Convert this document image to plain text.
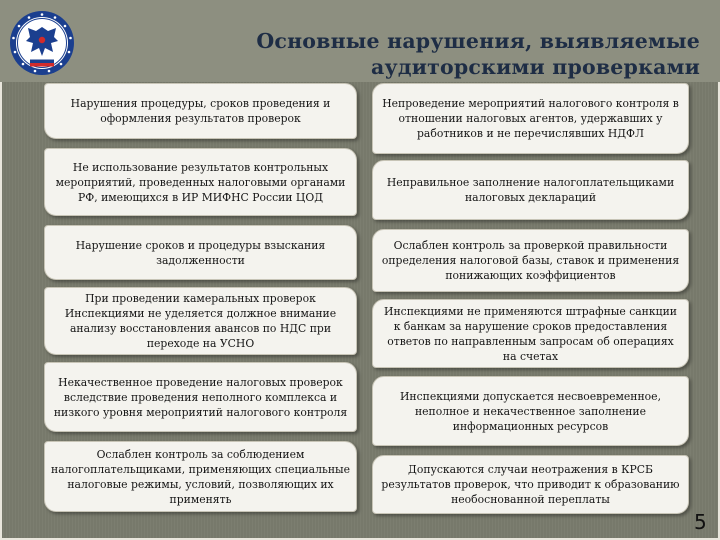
Основные нарушения, выявляемые аудиторскими проверками
Нарушения процедуры, сроков проведения и оформления результатов проверок
Не использование результатов контрольных мероприятий, проведенных налоговыми органами РФ, имеющихся в ИР МИФНС России ЦОД
Нарушение сроков и процедуры взыскания задолженности
При проведении камеральных проверок Инспекциями не уделяется должное внимание анализу восстановления авансов по НДС при переходе на УСНО
Некачественное проведение налоговых проверок вследствие проведения неполного комплекса и низкого уровня мероприятий налогового контроля
Ослаблен контроль за соблюдением налогоплательщиками, применяющих специальные налоговые режимы, условий, позволяющих их применять
Непроведение мероприятий налогового контроля в отношении налоговых агентов, удержавших у работников и не перечислявших НДФЛ
Неправильное заполнение налогоплательщиками налоговых деклараций
Ослаблен контроль за проверкой правильности определения налоговой базы, ставок и применения понижающих коэффициентов
Инспекциями не применяются штрафные санкции к банкам за нарушение сроков предоставления ответов по направленным запросам об операциях на счетах
Инспекциями допускается несвоевременное, неполное и некачественное заполнение информационных ресурсов
Допускаются случаи неотражения в КРСБ результатов проверок, что приводит к образованию необоснованной переплаты
5
